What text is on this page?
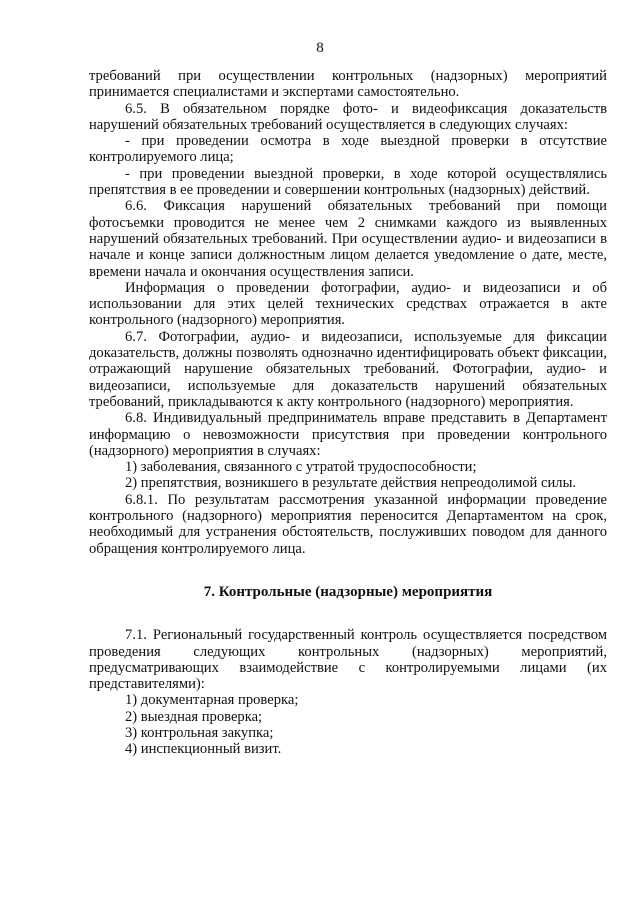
8

требований при осуществлении контрольных (надзорных) мероприятий принимается специалистами и экспертами самостоятельно.

6.5. В обязательном порядке фото- и видеофиксация доказательств нарушений обязательных требований осуществляется в следующих случаях:

- при проведении осмотра в ходе выездной проверки в отсутствие контролируемого лица;

- при проведении выездной проверки, в ходе которой осуществлялись препятствия в ее проведении и совершении контрольных (надзорных) действий.

6.6. Фиксация нарушений обязательных требований при помощи фотосъемки проводится не менее чем 2 снимками каждого из выявленных нарушений обязательных требований. При осуществлении аудио- и видеозаписи в начале и конце записи должностным лицом делается уведомление о дате, месте, времени начала и окончания осуществления записи.

Информация о проведении фотографии, аудио- и видеозаписи и об использовании для этих целей технических средствах отражается в акте контрольного (надзорного) мероприятия.

6.7. Фотографии, аудио- и видеозаписи, используемые для фиксации доказательств, должны позволять однозначно идентифицировать объект фиксации, отражающий нарушение обязательных требований. Фотографии, аудио- и видеозаписи, используемые для доказательств нарушений обязательных требований, прикладываются к акту контрольного (надзорного) мероприятия.

6.8. Индивидуальный предприниматель вправе представить в Департамент информацию о невозможности присутствия при проведении контрольного (надзорного) мероприятия в случаях:

1) заболевания, связанного с утратой трудоспособности;

2) препятствия, возникшего в результате действия непреодолимой силы.

6.8.1. По результатам рассмотрения указанной информации проведение контрольного (надзорного) мероприятия переносится Департаментом на срок, необходимый для устранения обстоятельств, послуживших поводом для данного обращения контролируемого лица.

7. Контрольные (надзорные) мероприятия

7.1. Региональный государственный контроль осуществляется посредством проведения следующих контрольных (надзорных) мероприятий, предусматривающих взаимодействие с контролируемыми лицами (их представителями):

1) документарная проверка;

2) выездная проверка;

3) контрольная закупка;

4) инспекционный визит.
